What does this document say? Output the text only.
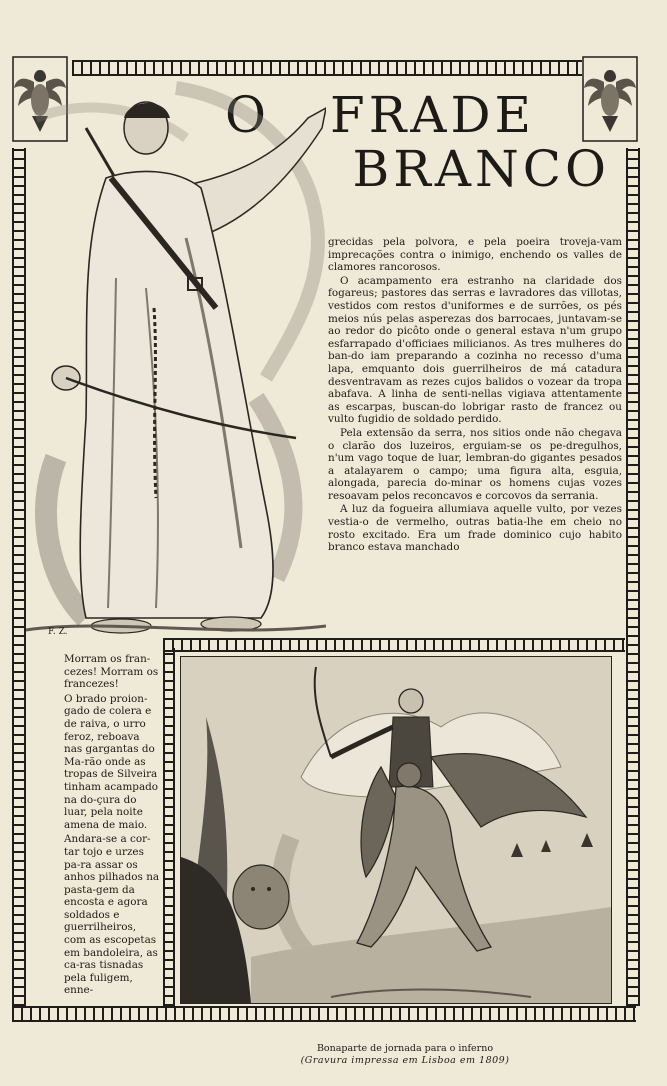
O FRADE
BRANCO
F. Z.

grecidas pela polvora, e pela poeira troveja-vam imprecações contra o inimigo, enchendo os valles de clamores rancorosos.

O acampamento era estranho na claridade dos fogareus; pastores das serras e lavradores das villotas, vestidos com restos d'uniformes e de surrões, os pés meios nús pelas asperezas dos barrocaes, juntavam-se ao redor do picôto onde o general estava n'um grupo esfarrapado d'officiaes milicianos. As tres mulheres do ban-do iam preparando a cozinha no recesso d'uma lapa, emquanto dois guerrilheiros de má catadura desventravam as rezes cujos balidos o vozear da tropa abafava. A linha de senti-nellas vigiava attentamente as escarpas, buscan-do lobrigar rasto de francez ou vulto fugidio de soldado perdido.

Pela extensão da serra, nos sitios onde não chegava o clarão dos luzeiros, erguiam-se os pe-dregulhos, n'um vago toque de luar, lembran-do gigantes pesados a atalayarem o campo; uma figura alta, esguia, alongada, parecia do-minar os homens cujas vozes resoavam pelos reconcavos e corcovos da serrania.

A luz da fogueira allumiava aquelle vulto, por vezes vestia-o de vermelho, outras batia-lhe em cheio no rosto excitado. Era um frade dominico cujo habito branco estava manchado

Morram os fran-cezes! Morram os francezes!

O brado proion-gado de colera e de raiva, o urro feroz, reboava nas gargantas do Ma-rão onde as tropas de Silveira tinham acampado na do-çura do luar, pela noite amena de maio.

Andara-se a cor-tar tojo e urzes pa-ra assar os anhos pilhados na pasta-gem da encosta e agora soldados e guerrilheiros, com as escopetas em bandoleira, as ca-ras tisnadas pela fuligem, enne-

Bonaparte de jornada para o inferno
(Gravura impressa em Lisboa em 1809)
